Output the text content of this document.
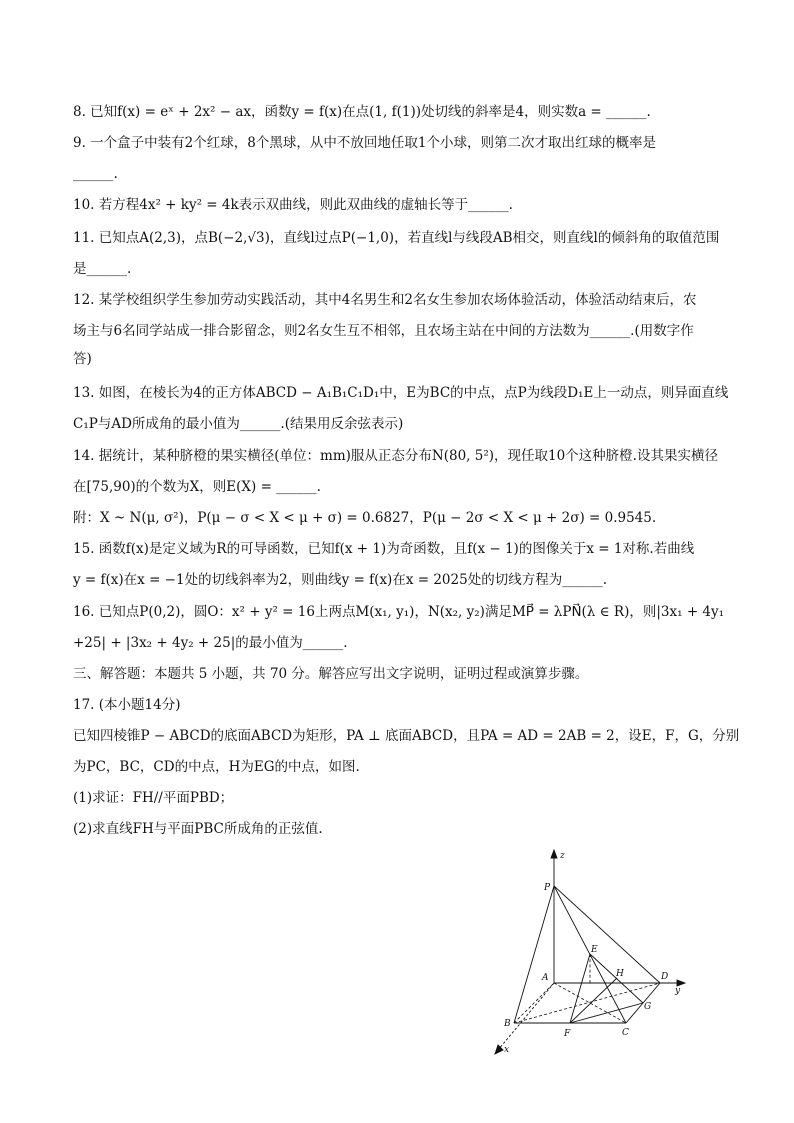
8. 已知f(x) = eˣ + 2x² − ax，函数y = f(x)在点(1, f(1))处切线的斜率是4，则实数a = ______.
9. 一个盒子中装有2个红球，8个黑球，从中不放回地任取1个小球，则第二次才取出红球的概率是
______.
10. 若方程4x² + ky² = 4k表示双曲线，则此双曲线的虚轴长等于______.
11. 已知点A(2,3)，点B(−2,√3)，直线l过点P(−1,0)，若直线l与线段AB相交，则直线l的倾斜角的取值范围
是______.
12. 某学校组织学生参加劳动实践活动，其中4名男生和2名女生参加农场体验活动，体验活动结束后，农
场主与6名同学站成一排合影留念，则2名女生互不相邻，且农场主站在中间的方法数为______.(用数字作
答)
13. 如图，在棱长为4的正方体ABCD − A₁B₁C₁D₁中，E为BC的中点，点P为线段D₁E上一动点，则异面直线
C₁P与AD所成角的最小值为______.(结果用反余弦表示)
14. 据统计，某种脐橙的果实横径(单位：mm)服从正态分布N(80, 5²)，现任取10个这种脐橙.设其果实横径
在[75,90)的个数为X，则E(X) = ______.
附：X ~ N(μ, σ²)，P(μ − σ < X < μ + σ) = 0.6827，P(μ − 2σ < X < μ + 2σ) = 0.9545.
15. 函数f(x)是定义域为R的可导函数，已知f(x + 1)为奇函数，且f(x − 1)的图像关于x = 1对称.若曲线
y = f(x)在x = −1处的切线斜率为2，则曲线y = f(x)在x = 2025处的切线方程为______.
16. 已知点P(0,2)，圆O：x² + y² = 16上两点M(x₁, y₁)，N(x₂, y₂)满足MP⃗ = λPN⃗(λ ∈ R)，则|3x₁ + 4y₁
+25| + |3x₂ + 4y₂ + 25|的最小值为______.
三、解答题：本题共 5 小题，共 70 分。解答应写出文字说明，证明过程或演算步骤。
17. (本小题14分)
已知四棱锥P − ABCD的底面ABCD为矩形，PA ⊥ 底面ABCD，且PA = AD = 2AB = 2，设E，F，G，分别
为PC，BC，CD的中点，H为EG的中点，如图.
(1)求证：FH//平面PBD；
(2)求直线FH与平面PBC所成角的正弦值.
z
y
x
P
A
B
C
D
E
F
G
H
